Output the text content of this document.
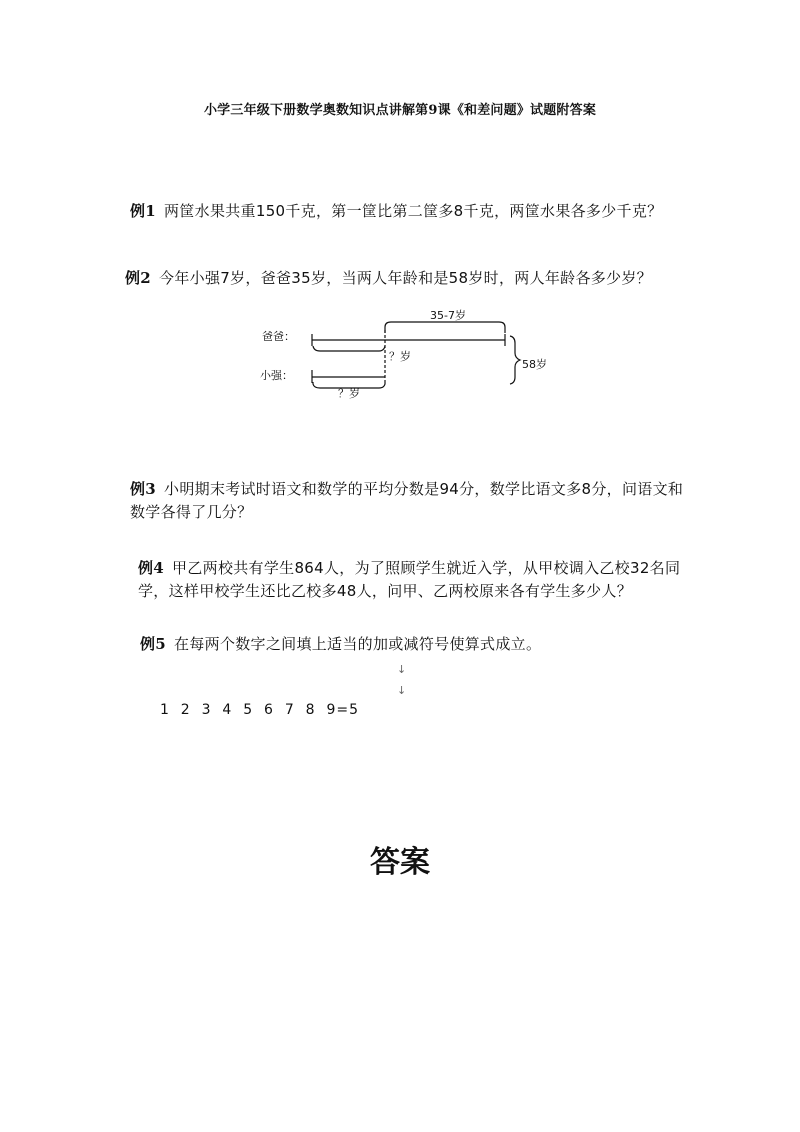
小学三年级下册数学奥数知识点讲解第9课《和差问题》试题附答案
例1 两筐水果共重150千克，第一筐比第二筐多8千克，两筐水果各多少千克？
例2 今年小强7岁，爸爸35岁，当两人年龄和是58岁时，两人年龄各多少岁？
爸爸：
小强：
35-7岁
？岁
？岁
58岁
例3 小明期末考试时语文和数学的平均分数是94分，数学比语文多8分，问语文和数学各得了几分？
例4 甲乙两校共有学生864人，为了照顾学生就近入学，从甲校调入乙校32名同学，这样甲校学生还比乙校多48人，问甲、乙两校原来各有学生多少人？
例5 在每两个数字之间填上适当的加或减符号使算式成立。
↓
↓
1  2  3  4  5  6  7  8  9=5
答案
